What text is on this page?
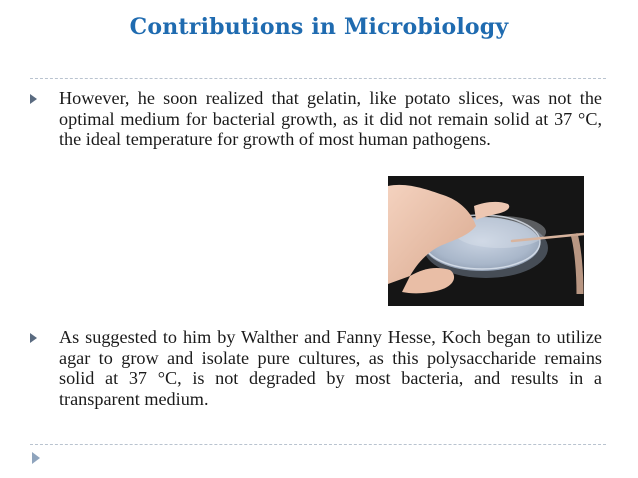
Contributions in Microbiology
However, he soon realized that gelatin, like potato slices, was not the optimal medium for bacterial growth, as it did not remain solid at 37 °C, the ideal temperature for growth of most human pathogens.
As suggested to him by Walther and Fanny Hesse, Koch began to utilize agar to grow and isolate pure cultures, as this polysaccharide remains solid at 37 °C, is not degraded by most bacteria, and results in a transparent medium.
